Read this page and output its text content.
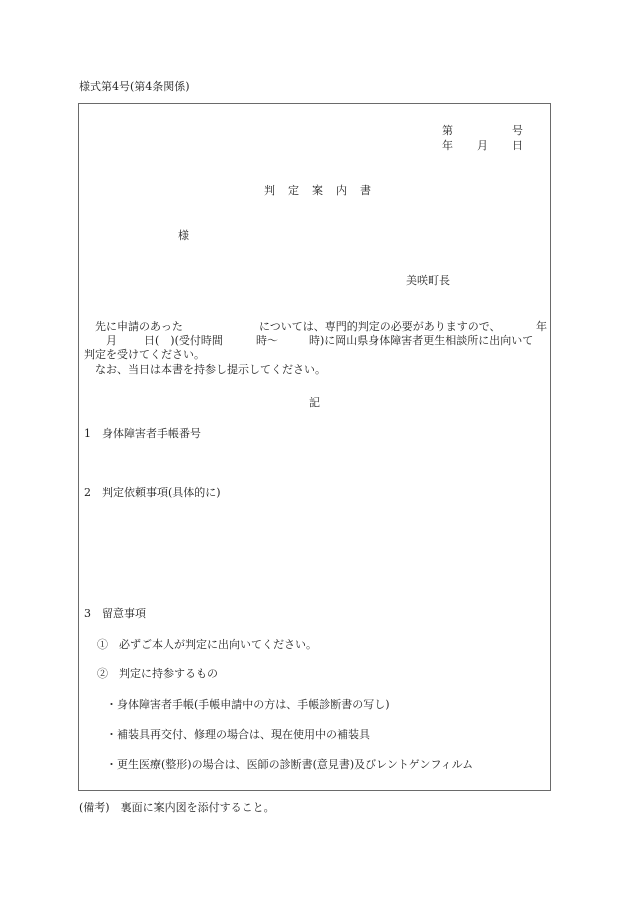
様式第4号(第4条関係)
第	号
年 月 日
判　定　案　内　書
様
美咲町長
先に申請のあった	については、専門的判定の必要がありますので、	年
月 日(　)(受付時間	時～	時)に岡山県身体障害者更生相談所に出向いて
判定を受けてください。
なお、当日は本書を持参し提示してください。
記
1 身体障害者手帳番号
2 判定依頼事項(具体的に)
3 留意事項
①　必ずご本人が判定に出向いてください。
②　判定に持参するもの
・身体障害者手帳(手帳申請中の方は、手帳診断書の写し)
・補装具再交付、修理の場合は、現在使用中の補装具
・更生医療(整形)の場合は、医師の診断書(意見書)及びレントゲンフィルム
(備考)　裏面に案内図を添付すること。
